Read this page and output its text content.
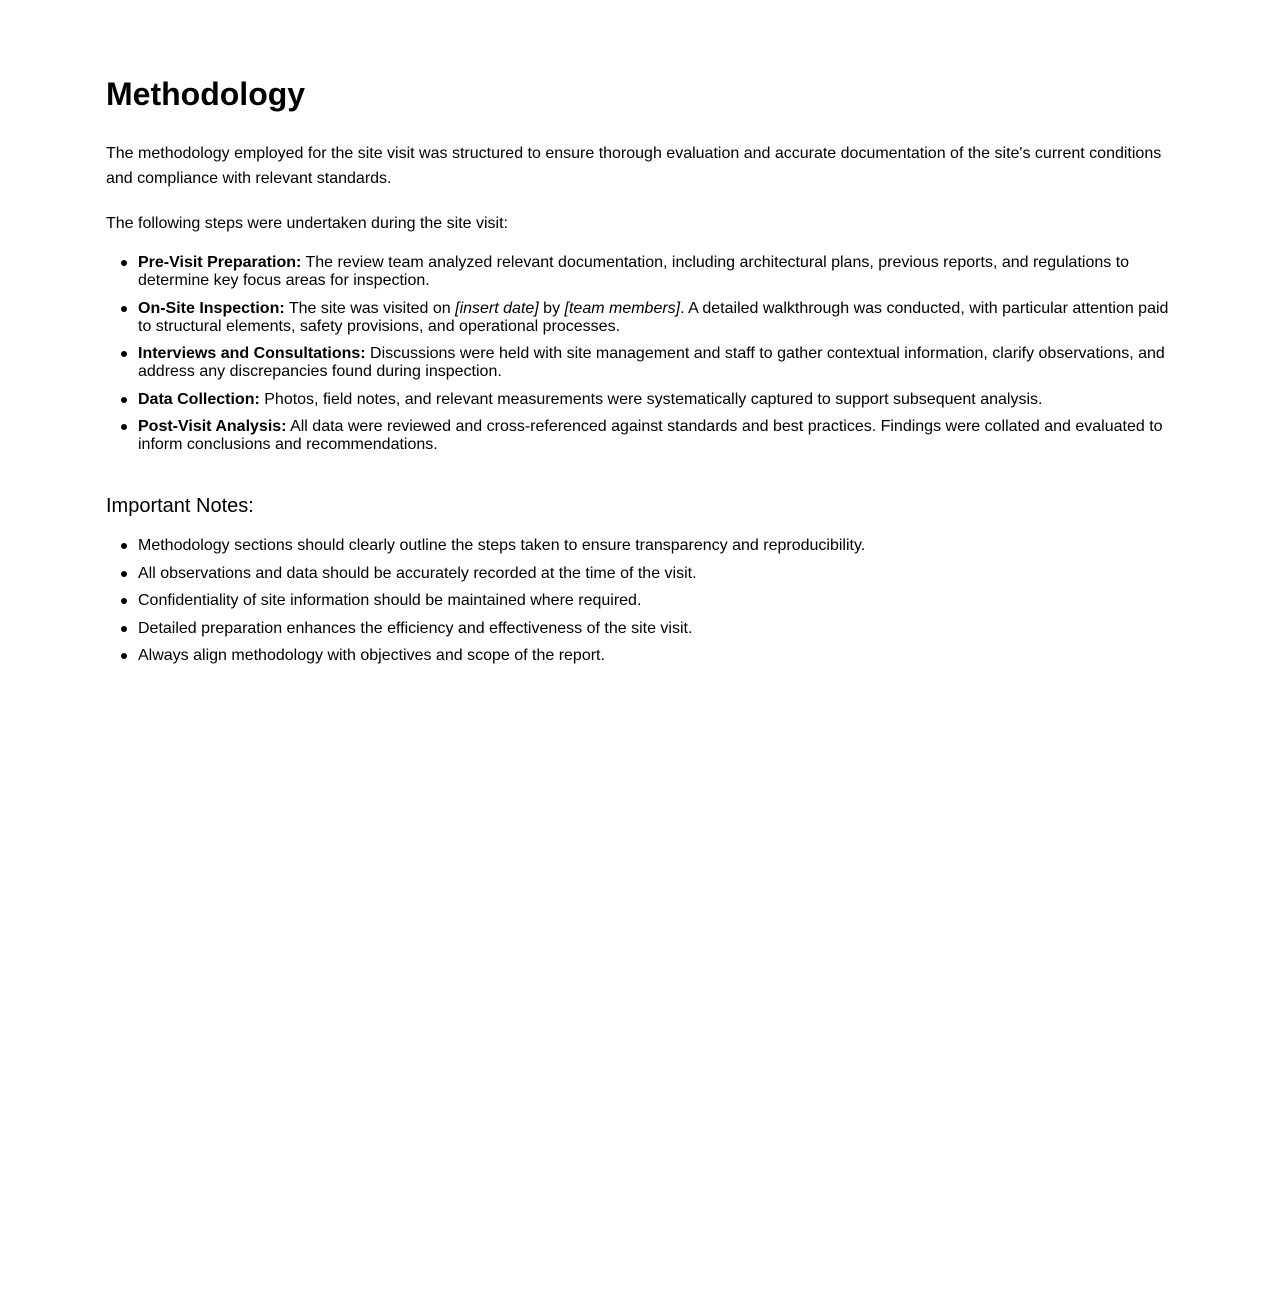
Methodology

The methodology employed for the site visit was structured to ensure thorough evaluation and accurate documentation of the site's current conditions and compliance with relevant standards.

The following steps were undertaken during the site visit:

Pre-Visit Preparation: The review team analyzed relevant documentation, including architectural plans, previous reports, and regulations to determine key focus areas for inspection.
On-Site Inspection: The site was visited on [insert date] by [team members]. A detailed walkthrough was conducted, with particular attention paid to structural elements, safety provisions, and operational processes.
Interviews and Consultations: Discussions were held with site management and staff to gather contextual information, clarify observations, and address any discrepancies found during inspection.
Data Collection: Photos, field notes, and relevant measurements were systematically captured to support subsequent analysis.
Post-Visit Analysis: All data were reviewed and cross-referenced against standards and best practices. Findings were collated and evaluated to inform conclusions and recommendations.
Important Notes:
Methodology sections should clearly outline the steps taken to ensure transparency and reproducibility.
All observations and data should be accurately recorded at the time of the visit.
Confidentiality of site information should be maintained where required.
Detailed preparation enhances the efficiency and effectiveness of the site visit.
Always align methodology with objectives and scope of the report.
